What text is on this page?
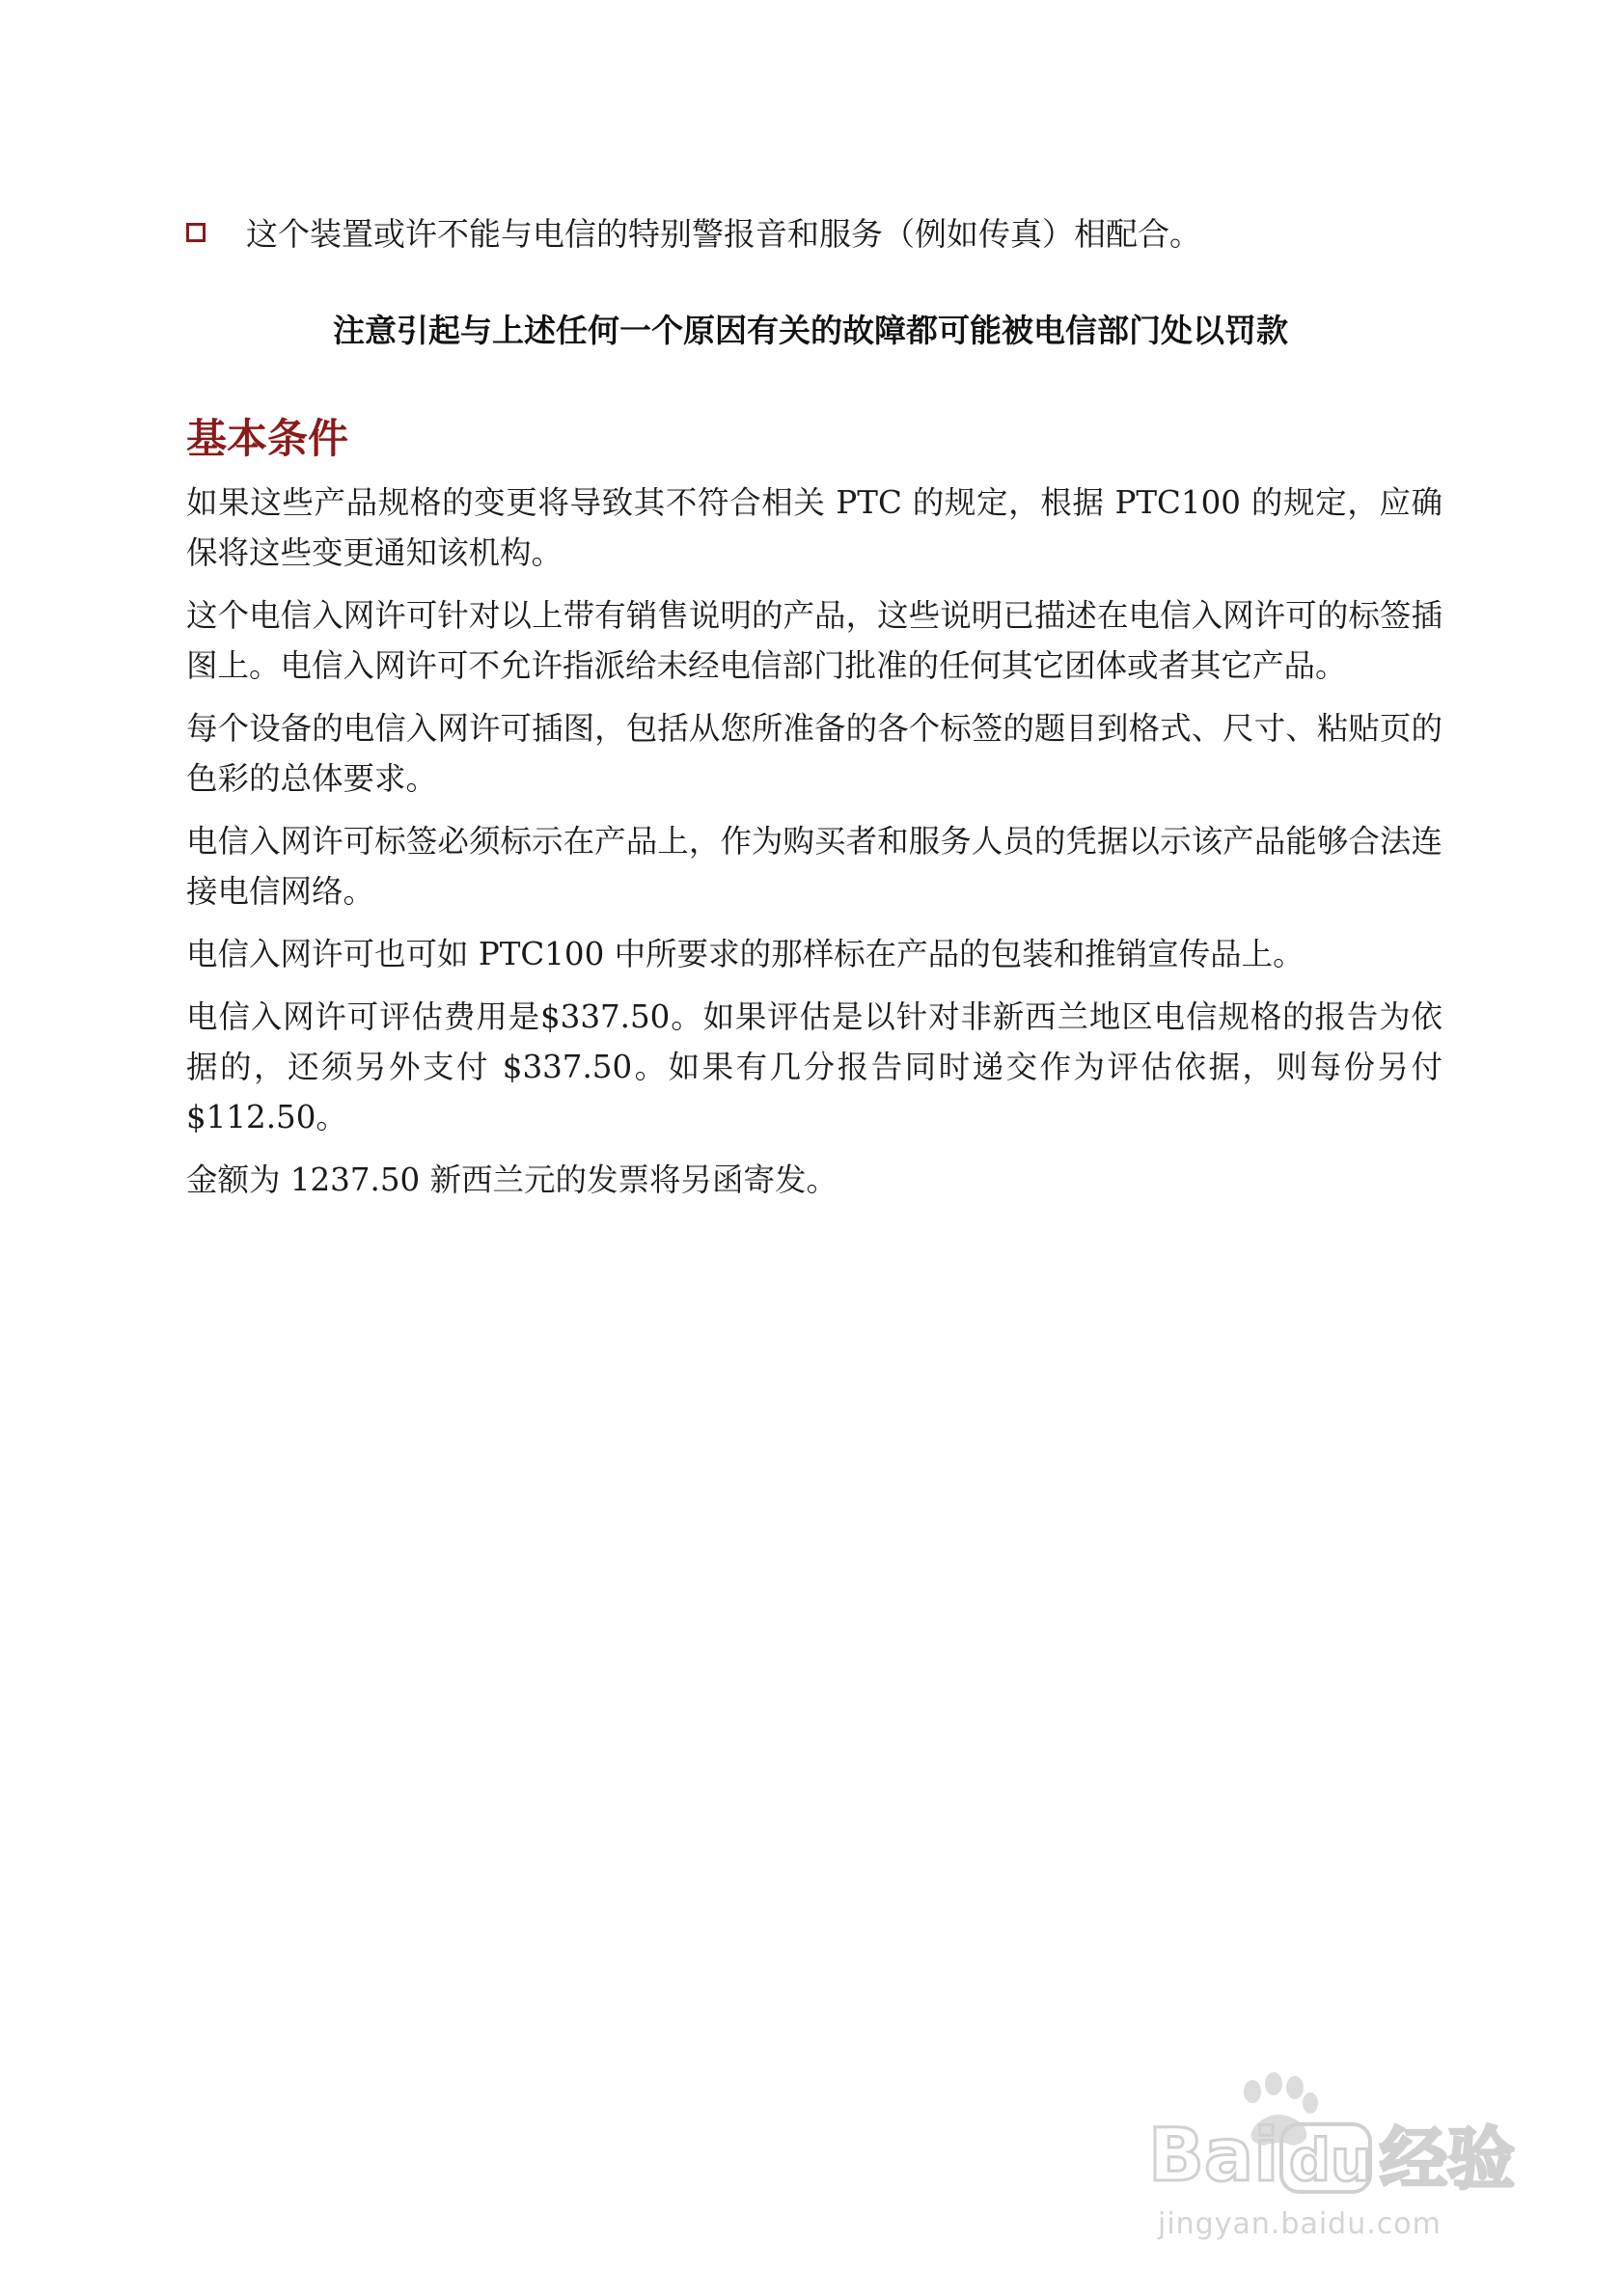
这个装置或许不能与电信的特别警报音和服务（例如传真）相配合。
注意引起与上述任何一个原因有关的故障都可能被电信部门处以罚款
基本条件

如果这些产品规格的变更将导致其不符合相关 PTC 的规定，根据 PTC100 的规定，应确保将这些变更通知该机构。

这个电信入网许可针对以上带有销售说明的产品，这些说明已描述在电信入网许可的标签插图上。电信入网许可不允许指派给未经电信部门批准的任何其它团体或者其它产品。

每个设备的电信入网许可插图，包括从您所准备的各个标签的题目到格式、尺寸、粘贴页的色彩的总体要求。

电信入网许可标签必须标示在产品上，作为购买者和服务人员的凭据以示该产品能够合法连接电信网络。

电信入网许可也可如 PTC100 中所要求的那样标在产品的包装和推销宣传品上。

电信入网许可评估费用是$337.50。如果评估是以针对非新西兰地区电信规格的报告为依据的，还须另外支付 $337.50。如果有几分报告同时递交作为评估依据，则每份另付 $112.50。

金额为 1237.50 新西兰元的发票将另函寄发。

Bai du 经验
jingyan.baidu.com
